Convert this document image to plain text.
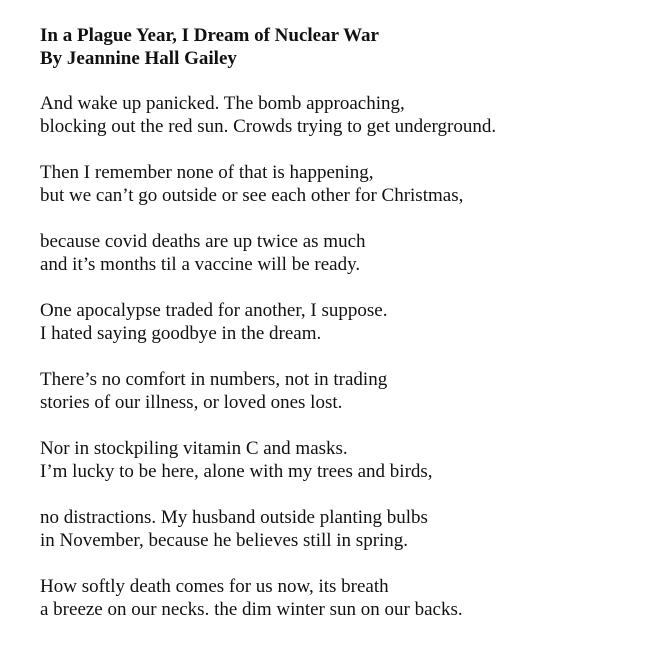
In a Plague Year, I Dream of Nuclear War
By Jeannine Hall Gailey
And wake up panicked. The bomb approaching,
blocking out the red sun. Crowds trying to get underground.
Then I remember none of that is happening,
but we can’t go outside or see each other for Christmas,
because covid deaths are up twice as much
and it’s months til a vaccine will be ready.
One apocalypse traded for another, I suppose.
I hated saying goodbye in the dream.
There’s no comfort in numbers, not in trading
stories of our illness, or loved ones lost.
Nor in stockpiling vitamin C and masks.
I’m lucky to be here, alone with my trees and birds,
no distractions. My husband outside planting bulbs
in November, because he believes still in spring.
How softly death comes for us now, its breath
a breeze on our necks. the dim winter sun on our backs.
